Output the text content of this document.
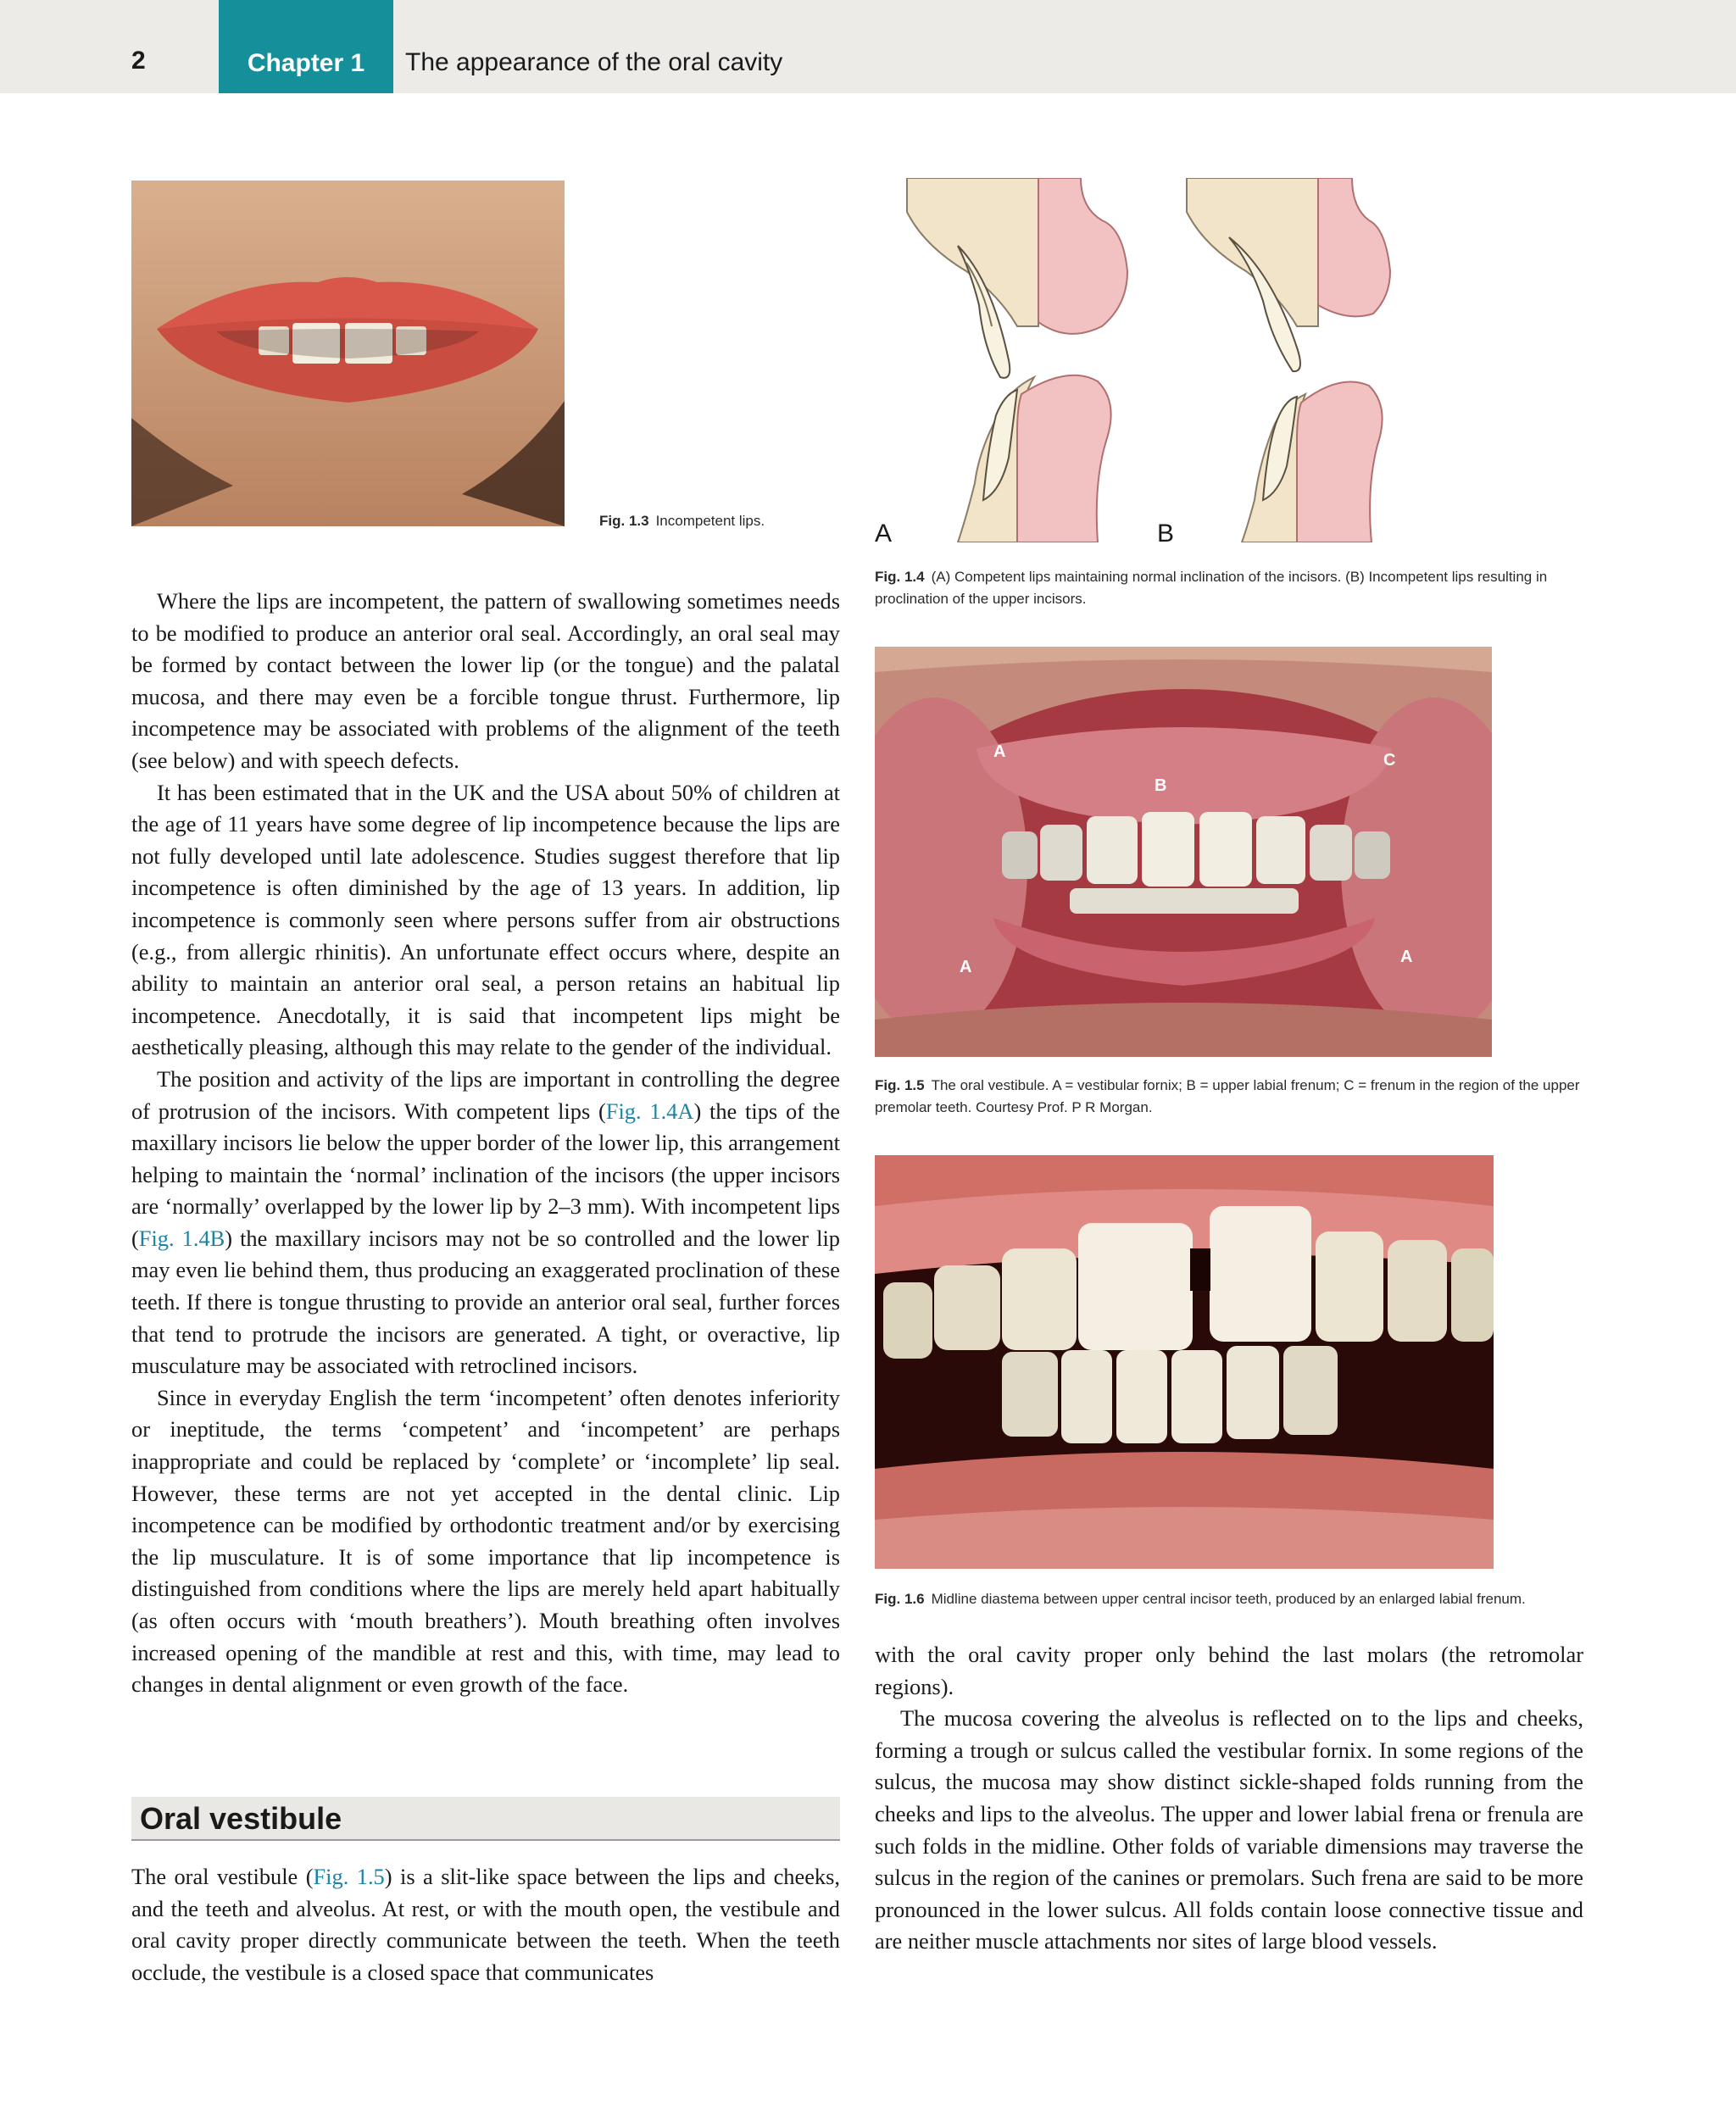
2	Chapter 1	The appearance of the oral cavity
Fig. 1.3 Incompetent lips.	A	B
Fig. 1.4 (A) Competent lips maintaining normal inclination of the incisors. (B) Incompetent lips resulting in proclination of the upper incisors.
A
B
C
A
A
Fig. 1.5 The oral vestibule. A = vestibular fornix; B = upper labial frenum; C = frenum in the region of the upper premolar teeth. Courtesy Prof. P R Morgan.
Fig. 1.6 Midline diastema between upper central incisor teeth, produced by an enlarged labial frenum.

Where the lips are incompetent, the pattern of swallowing sometimes needs to be modified to produce an anterior oral seal. Accordingly, an oral seal may be formed by contact between the lower lip (or the tongue) and the palatal mucosa, and there may even be a forcible tongue thrust. Furthermore, lip incompetence may be associated with problems of the alignment of the teeth (see below) and with speech defects.

It has been estimated that in the UK and the USA about 50% of children at the age of 11 years have some degree of lip incompetence because the lips are not fully developed until late adolescence. Studies suggest therefore that lip incompetence is often diminished by the age of 13 years. In addition, lip incompetence is commonly seen where persons suffer from air obstructions (e.g., from allergic rhinitis). An unfortunate effect occurs where, despite an ability to maintain an anterior oral seal, a person retains an habitual lip incompetence. Anecdotally, it is said that incompetent lips might be aesthetically pleasing, although this may relate to the gender of the individual.

The position and activity of the lips are important in controlling the degree of protrusion of the incisors. With competent lips (Fig. 1.4A) the tips of the maxillary incisors lie below the upper border of the lower lip, this arrangement helping to maintain the ‘normal’ inclination of the incisors (the upper incisors are ‘normally’ overlapped by the lower lip by 2–3 mm). With incompetent lips (Fig. 1.4B) the maxillary incisors may not be so controlled and the lower lip may even lie behind them, thus producing an exaggerated proclination of these teeth. If there is tongue thrusting to provide an anterior oral seal, further forces that tend to protrude the incisors are generated. A tight, or overactive, lip musculature may be associated with retroclined incisors.

Since in everyday English the term ‘incompetent’ often denotes inferiority or ineptitude, the terms ‘competent’ and ‘incompetent’ are perhaps inappropriate and could be replaced by ‘complete’ or ‘incomplete’ lip seal. However, these terms are not yet accepted in the dental clinic. Lip incompetence can be modified by orthodontic treatment and/or by exercising the lip musculature. It is of some importance that lip incompetence is distinguished from conditions where the lips are merely held apart habitually (as often occurs with ‘mouth breathers’). Mouth breathing often involves increased opening of the mandible at rest and this, with time, may lead to changes in dental alignment or even growth of the face.

Oral vestibule

The oral vestibule (Fig. 1.5) is a slit-like space between the lips and cheeks, and the teeth and alveolus. At rest, or with the mouth open, the vestibule and oral cavity proper directly communicate between the teeth. When the teeth occlude, the vestibule is a closed space that communicates

with the oral cavity proper only behind the last molars (the retromolar regions).

The mucosa covering the alveolus is reflected on to the lips and cheeks, forming a trough or sulcus called the vestibular fornix. In some regions of the sulcus, the mucosa may show distinct sickle-shaped folds running from the cheeks and lips to the alveolus. The upper and lower labial frena or frenula are such folds in the midline. Other folds of variable dimensions may traverse the sulcus in the region of the canines or premolars. Such frena are said to be more pronounced in the lower sulcus. All folds contain loose connective tissue and are neither muscle attachments nor sites of large blood vessels.
